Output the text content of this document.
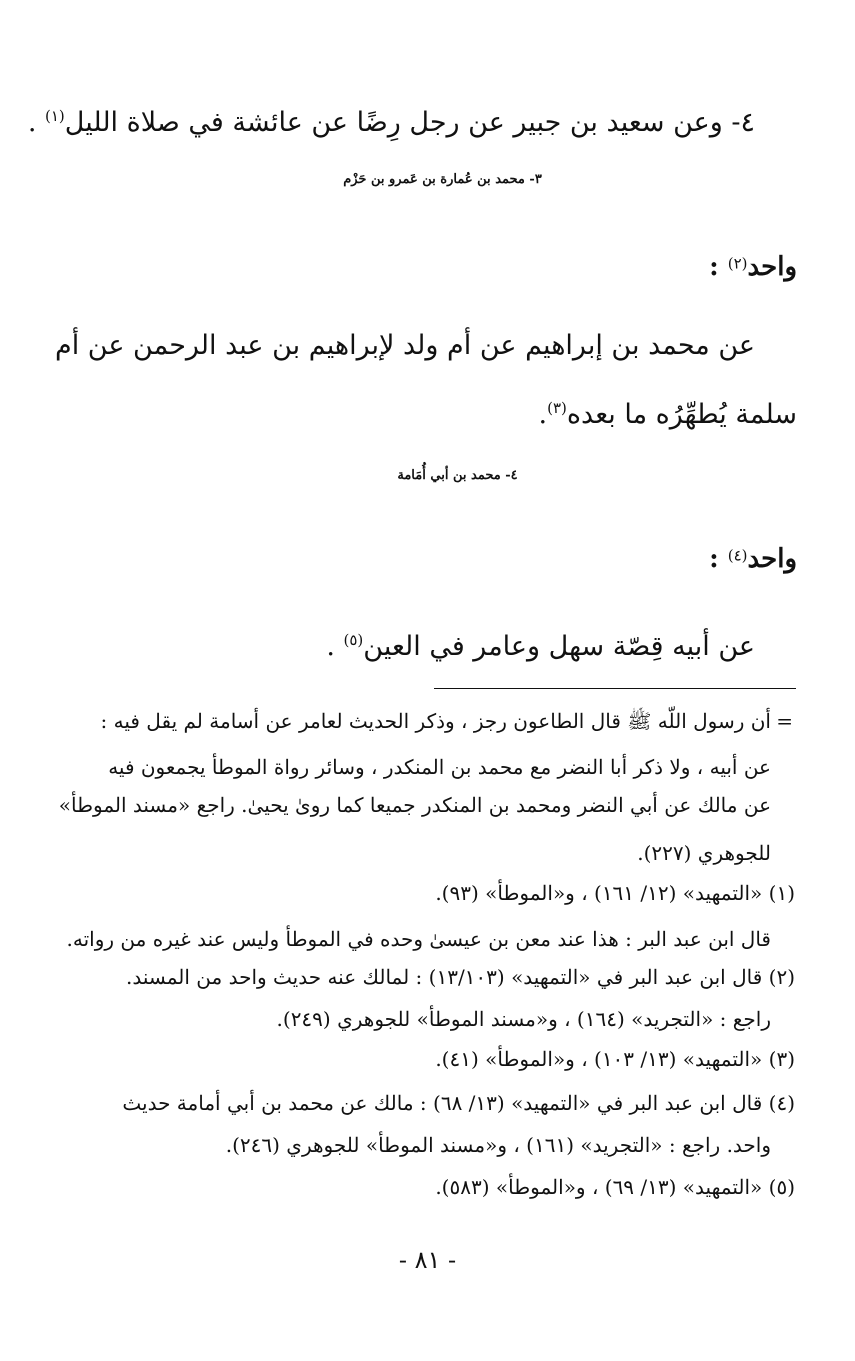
٤- وعن سعيد بن جبير عن رجل رِضًا عن عائشة في صلاة الليل$^{(١)}$ .
٣- محمد بن عُمارة بن عَمرو بن حَزْم
واحد(٢) :
عن محمد بن إبراهيم عن أم ولد لإبراهيم بن عبد الرحمن عن أم
سلمة يُطهِّرُه ما بعده$^{(٣)}$.
٤- محمد بن أبي أُمَامة
واحد(٤) :
عن أبيه قِصّة سهل وعامر في العين$^{(٥)}$ .
=
أن رسول اللّه ﷺ قال الطاعون رجز ، وذكر الحديث لعامر عن أسامة لم يقل فيه :
عن أبيه ، ولا ذكر أبا النضر مع محمد بن المنكدر ، وسائر رواة الموطأ يجمعون فيه
عن مالك عن أبي النضر ومحمد بن المنكدر جميعا كما روىٰ يحيىٰ. راجع «مسند الموطأ»
للجوهري (٢٢٧).
(١) «التمهيد» (١٢/ ١٦١) ، و«الموطأ» (٩٣).
قال ابن عبد البر : هذا عند معن بن عيسىٰ وحده في الموطأ وليس عند غيره من رواته.
(٢) قال ابن عبد البر في «التمهيد» (١٣/١٠٣) : لمالك عنه حديث واحد من المسند.
راجع : «التجريد» (١٦٤) ، و«مسند الموطأ» للجوهري (٢٤٩).
(٣) «التمهيد» (١٣/ ١٠٣) ، و«الموطأ» (٤١).
(٤) قال ابن عبد البر في «التمهيد» (١٣/ ٦٨) : مالك عن محمد بن أبي أمامة حديث
واحد. راجع : «التجريد» (١٦١) ، و«مسند الموطأ» للجوهري (٢٤٦).
(٥) «التمهيد» (١٣/ ٦٩) ، و«الموطأ» (٥٨٣).
- ٨١ -
